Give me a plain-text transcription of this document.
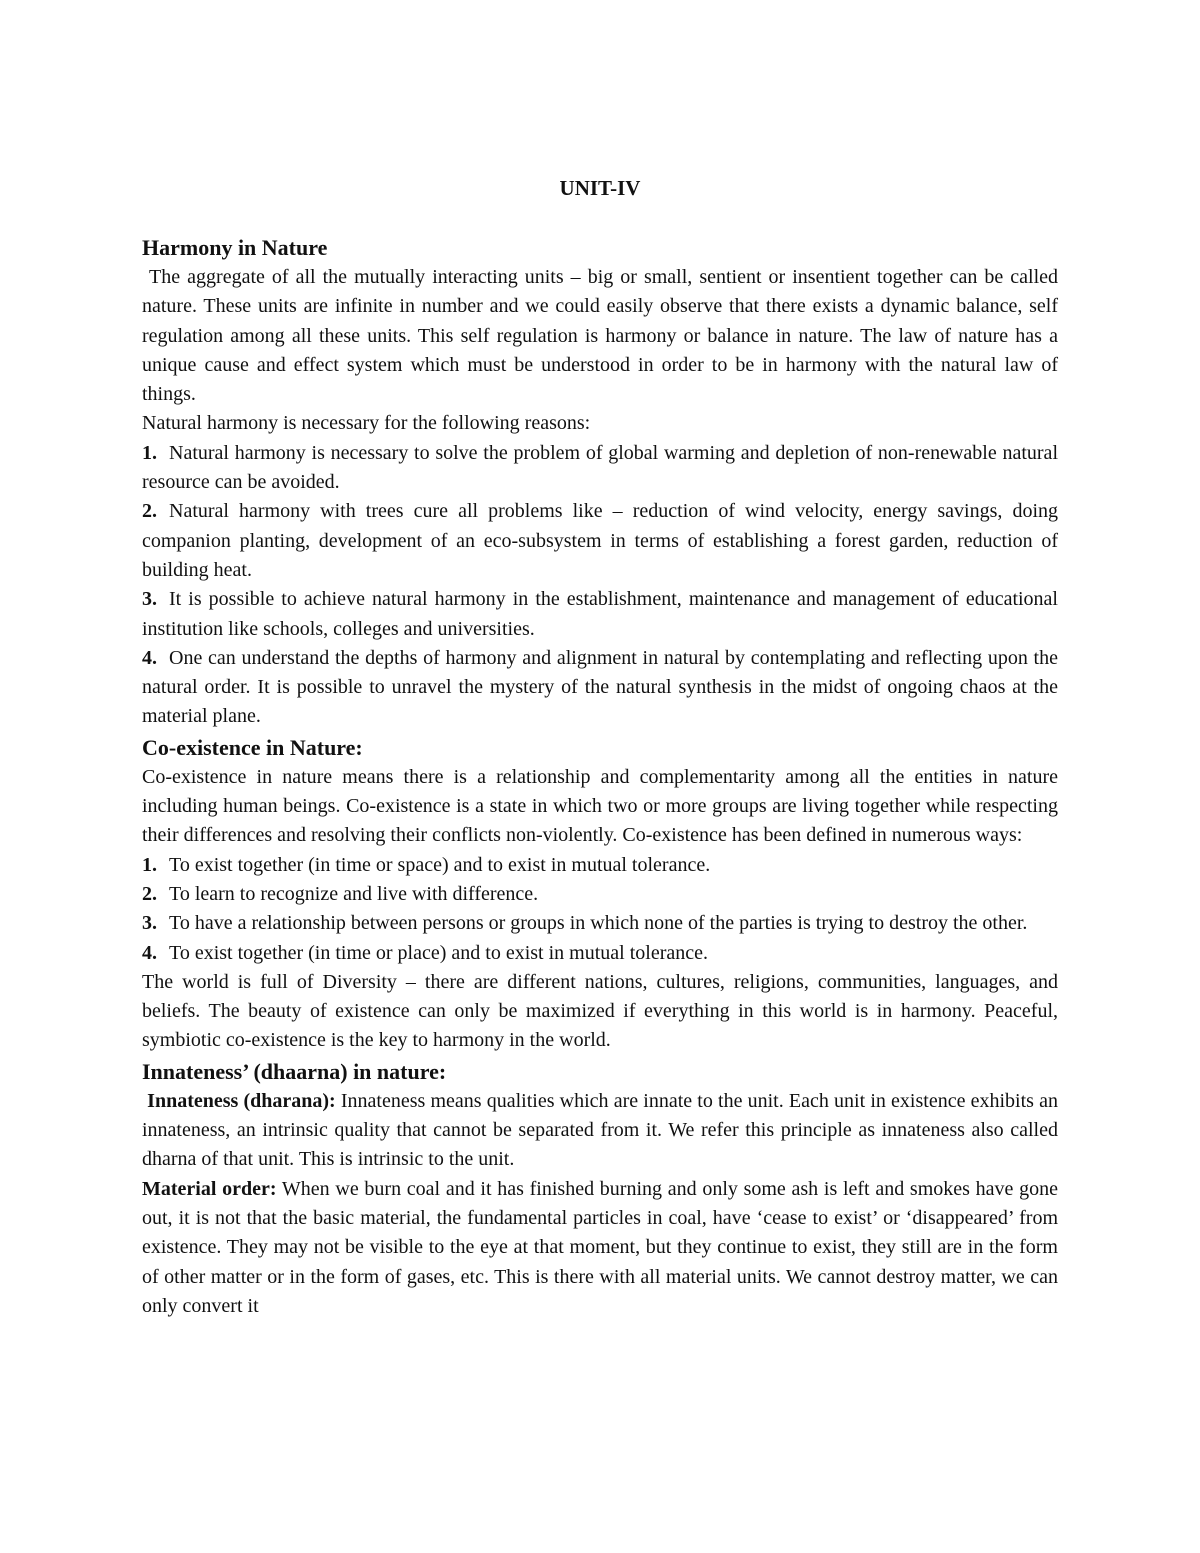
UNIT-IV
Harmony in Nature

The aggregate of all the mutually interacting units – big or small, sentient or insentient together can be called nature. These units are infinite in number and we could easily observe that there exists a dynamic balance, self regulation among all these units. This self regulation is harmony or balance in nature. The law of nature has a unique cause and effect system which must be understood in order to be in harmony with the natural law of things.

Natural harmony is necessary for the following reasons:

1. Natural harmony is necessary to solve the problem of global warming and depletion of non-renewable natural resource can be avoided.
2. Natural harmony with trees cure all problems like – reduction of wind velocity, energy savings, doing companion planting, development of an eco-subsystem in terms of establishing a forest garden, reduction of building heat.
3. It is possible to achieve natural harmony in the establishment, maintenance and management of educational institution like schools, colleges and universities.
4. One can understand the depths of harmony and alignment in natural by contemplating and reflecting upon the natural order. It is possible to unravel the mystery of the natural synthesis in the midst of ongoing chaos at the material plane.
Co-existence in Nature:

Co-existence in nature means there is a relationship and complementarity among all the entities in nature including human beings. Co-existence is a state in which two or more groups are living together while respecting their differences and resolving their conflicts non-violently. Co-existence has been defined in numerous ways:

1. To exist together (in time or space) and to exist in mutual tolerance.
2. To learn to recognize and live with difference.
3. To have a relationship between persons or groups in which none of the parties is trying to destroy the other.
4. To exist together (in time or place) and to exist in mutual tolerance.

The world is full of Diversity – there are different nations, cultures, religions, communities, languages, and beliefs. The beauty of existence can only be maximized if everything in this world is in harmony. Peaceful, symbiotic co-existence is the key to harmony in the world.

Innateness’ (dhaarna) in nature:

Innateness (dharana): Innateness means qualities which are innate to the unit. Each unit in existence exhibits an innateness, an intrinsic quality that cannot be separated from it. We refer this principle as innateness also called dharna of that unit. This is intrinsic to the unit.

Material order: When we burn coal and it has finished burning and only some ash is left and smokes have gone out, it is not that the basic material, the fundamental particles in coal, have ‘cease to exist’ or ‘disappeared’ from existence. They may not be visible to the eye at that moment, but they continue to exist, they still are in the form of other matter or in the form of gases, etc. This is there with all material units. We cannot destroy matter, we can only convert it
